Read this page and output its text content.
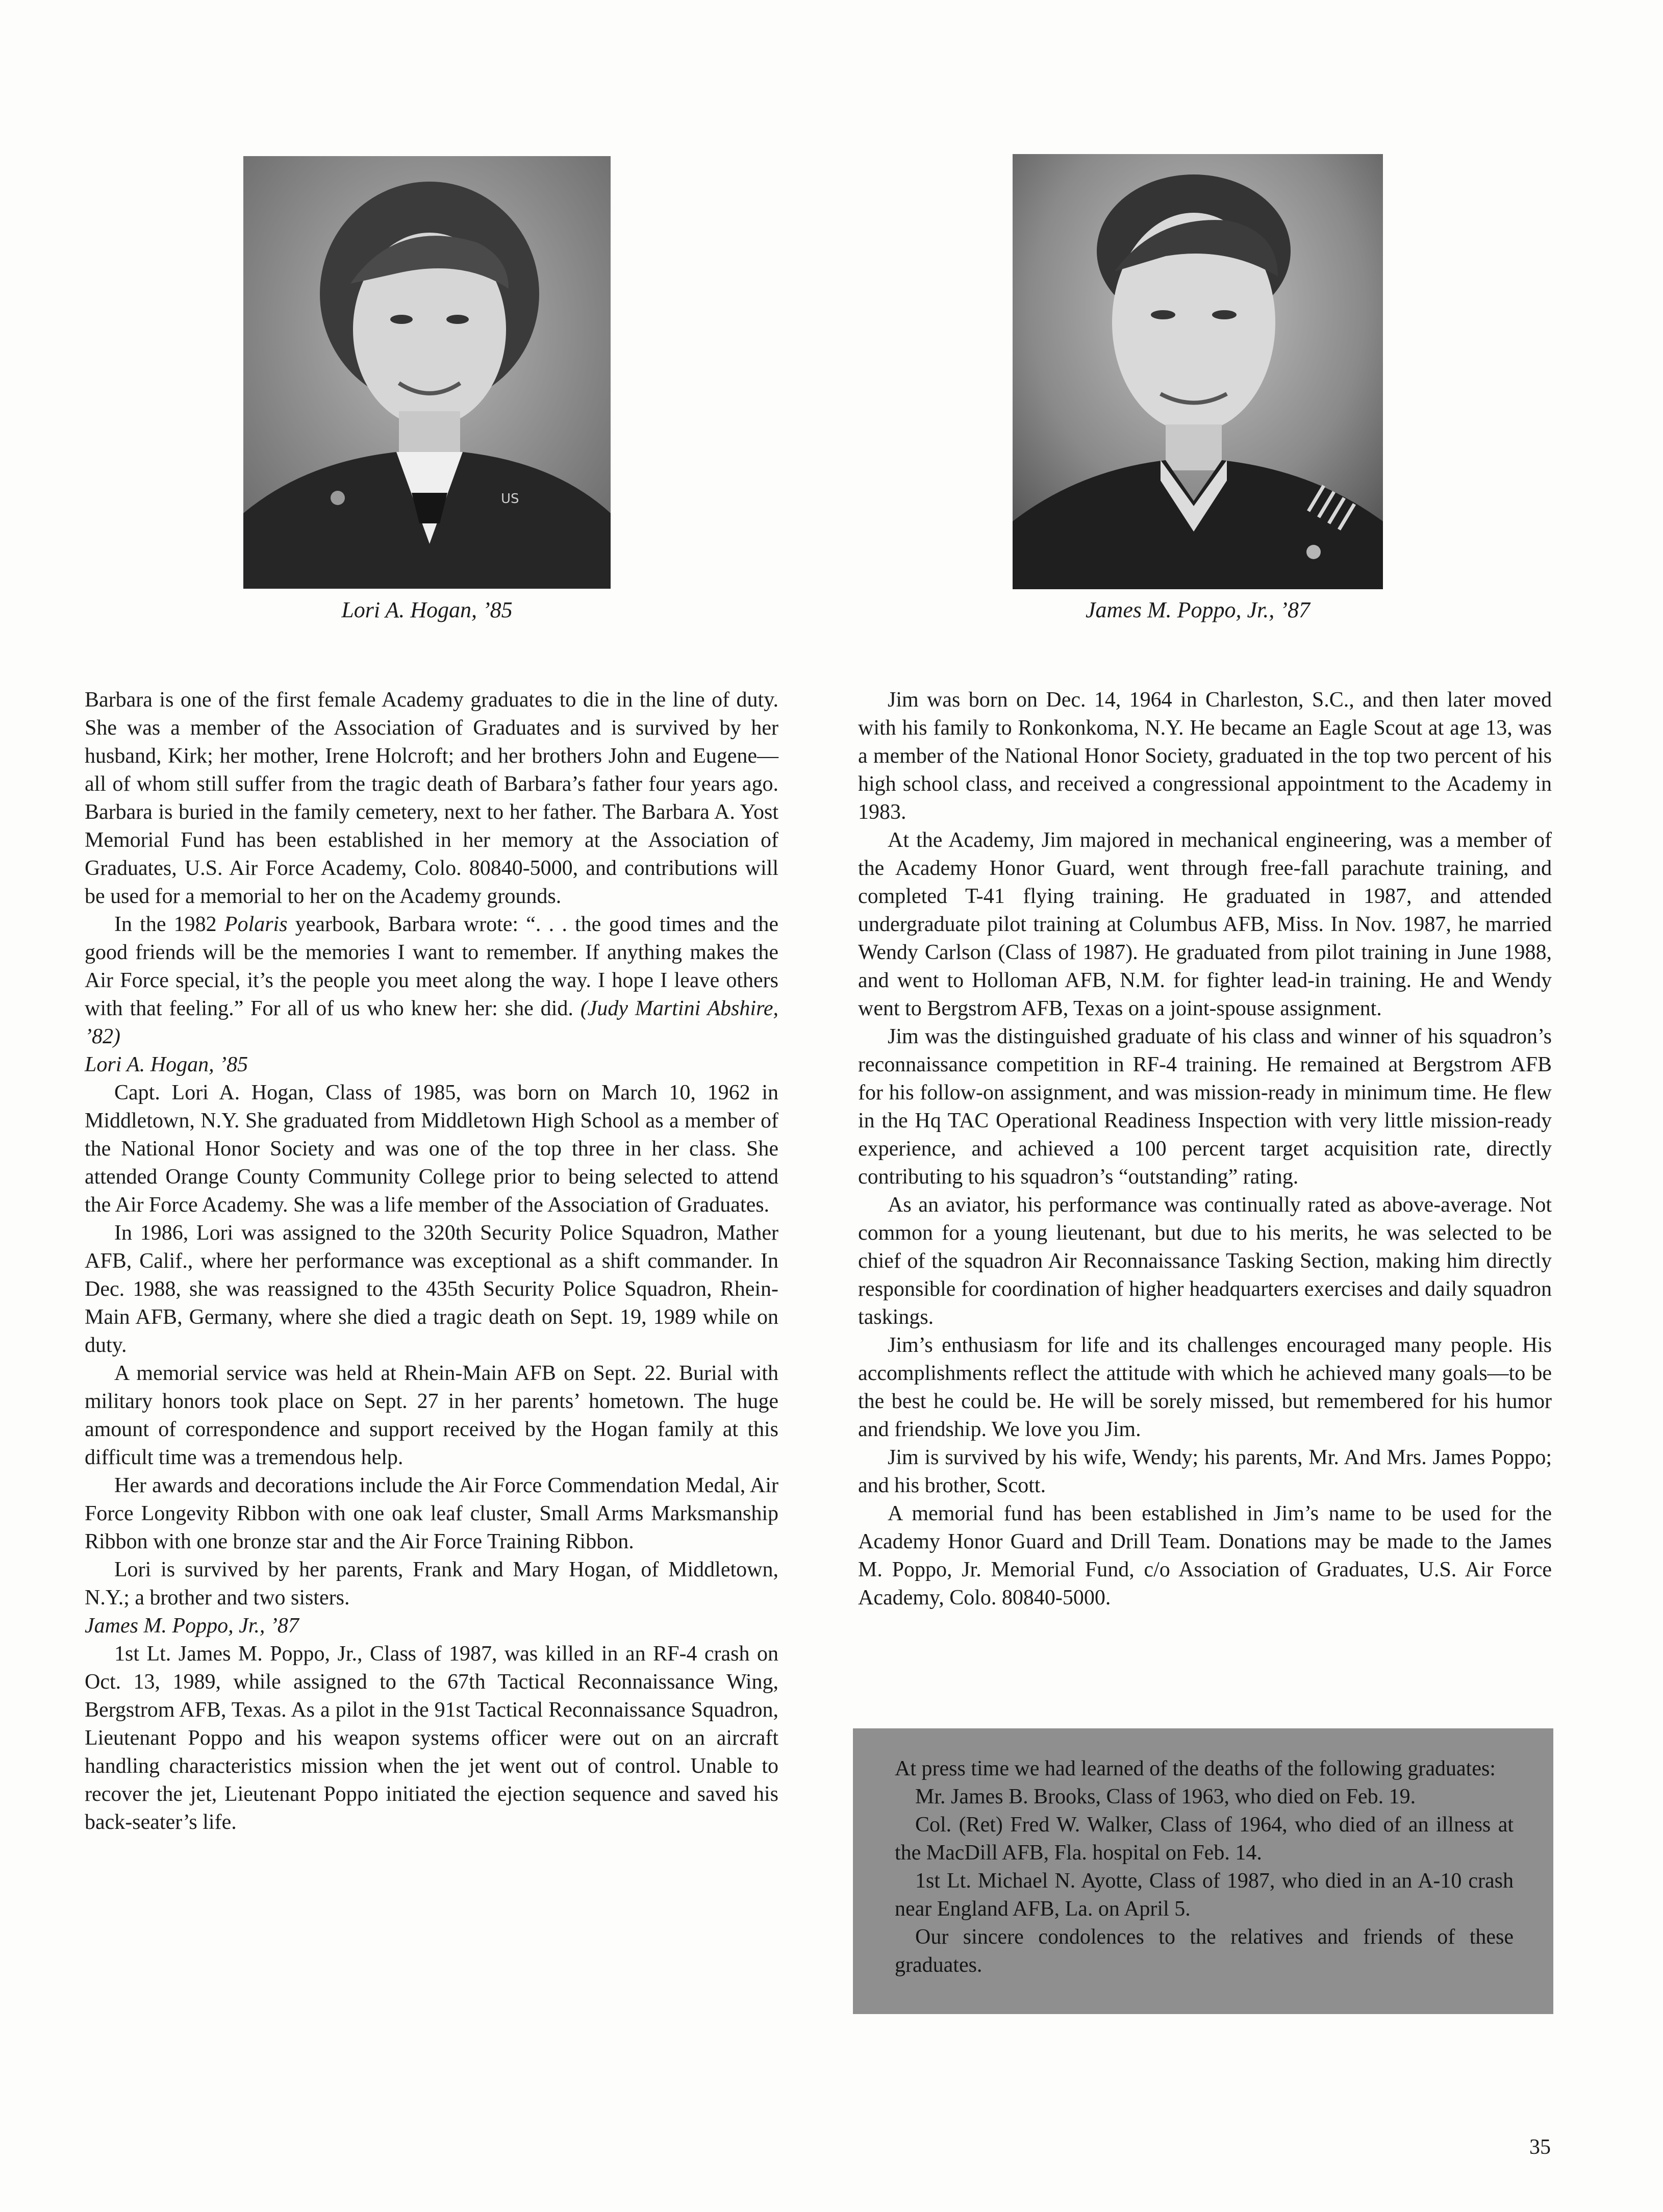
US
Lori A. Hogan, ’85	James M. Poppo, Jr., ’87

Barbara is one of the first female Academy graduates to die in the line of duty. She was a member of the Association of Graduates and is survived by her husband, Kirk; her mother, Irene Holcroft; and her brothers John and Eugene—all of whom still suffer from the tragic death of Barbara’s father four years ago. Barbara is buried in the family cemetery, next to her father. The Barbara A. Yost Memorial Fund has been established in her memory at the Association of Graduates, U.S. Air Force Academy, Colo. 80840-5000, and contributions will be used for a memorial to her on the Academy grounds.

In the 1982 Polaris yearbook, Barbara wrote: “. . . the good times and the good friends will be the memories I want to remember. If anything makes the Air Force special, it’s the people you meet along the way. I hope I leave others with that feeling.” For all of us who knew her: she did. (Judy Martini Abshire, ’82)

Lori A. Hogan, ’85

Capt. Lori A. Hogan, Class of 1985, was born on March 10, 1962 in Middletown, N.Y. She graduated from Middletown High School as a member of the National Honor Society and was one of the top three in her class. She attended Orange County Community College prior to being selected to attend the Air Force Academy. She was a life member of the Association of Graduates.

In 1986, Lori was assigned to the 320th Security Police Squadron, Mather AFB, Calif., where her performance was exceptional as a shift commander. In Dec. 1988, she was reassigned to the 435th Security Police Squadron, Rhein-Main AFB, Germany, where she died a tragic death on Sept. 19, 1989 while on duty.

A memorial service was held at Rhein-Main AFB on Sept. 22. Burial with military honors took place on Sept. 27 in her parents’ hometown. The huge amount of correspondence and support received by the Hogan family at this difficult time was a tremendous help.

Her awards and decorations include the Air Force Commendation Medal, Air Force Longevity Ribbon with one oak leaf cluster, Small Arms Marksmanship Ribbon with one bronze star and the Air Force Training Ribbon.

Lori is survived by her parents, Frank and Mary Hogan, of Middletown, N.Y.; a brother and two sisters.

James M. Poppo, Jr., ’87

1st Lt. James M. Poppo, Jr., Class of 1987, was killed in an RF-4 crash on Oct. 13, 1989, while assigned to the 67th Tactical Reconnaissance Wing, Bergstrom AFB, Texas. As a pilot in the 91st Tactical Reconnaissance Squadron, Lieutenant Poppo and his weapon systems officer were out on an aircraft handling characteristics mission when the jet went out of control. Unable to recover the jet, Lieutenant Poppo initiated the ejection sequence and saved his back-seater’s life.

Jim was born on Dec. 14, 1964 in Charleston, S.C., and then later moved with his family to Ronkonkoma, N.Y. He became an Eagle Scout at age 13, was a member of the National Honor Society, graduated in the top two percent of his high school class, and received a congressional appointment to the Academy in 1983.

At the Academy, Jim majored in mechanical engineering, was a member of the Academy Honor Guard, went through free-fall parachute training, and completed T-41 flying training. He graduated in 1987, and attended undergraduate pilot training at Columbus AFB, Miss. In Nov. 1987, he married Wendy Carlson (Class of 1987). He graduated from pilot training in June 1988, and went to Holloman AFB, N.M. for fighter lead-in training. He and Wendy went to Bergstrom AFB, Texas on a joint-spouse assignment.

Jim was the distinguished graduate of his class and winner of his squadron’s reconnaissance competition in RF-4 training. He remained at Bergstrom AFB for his follow-on assignment, and was mission-ready in minimum time. He flew in the Hq TAC Operational Readiness Inspection with very little mission-ready experience, and achieved a 100 percent target acquisition rate, directly contributing to his squadron’s “outstanding” rating.

As an aviator, his performance was continually rated as above-average. Not common for a young lieutenant, but due to his merits, he was selected to be chief of the squadron Air Reconnaissance Tasking Section, making him directly responsible for coordination of higher headquarters exercises and daily squadron taskings.

Jim’s enthusiasm for life and its challenges encouraged many people. His accomplishments reflect the attitude with which he achieved many goals—to be the best he could be. He will be sorely missed, but remembered for his humor and friendship. We love you Jim.

Jim is survived by his wife, Wendy; his parents, Mr. And Mrs. James Poppo; and his brother, Scott.

A memorial fund has been established in Jim’s name to be used for the Academy Honor Guard and Drill Team. Donations may be made to the James M. Poppo, Jr. Memorial Fund, c/o Association of Graduates, U.S. Air Force Academy, Colo. 80840-5000.

At press time we had learned of the deaths of the following graduates:

Mr. James B. Brooks, Class of 1963, who died on Feb. 19.

Col. (Ret) Fred W. Walker, Class of 1964, who died of an illness at the MacDill AFB, Fla. hospital on Feb. 14.

1st Lt. Michael N. Ayotte, Class of 1987, who died in an A-10 crash near England AFB, La. on April 5.

Our sincere condolences to the relatives and friends of these graduates.

35
